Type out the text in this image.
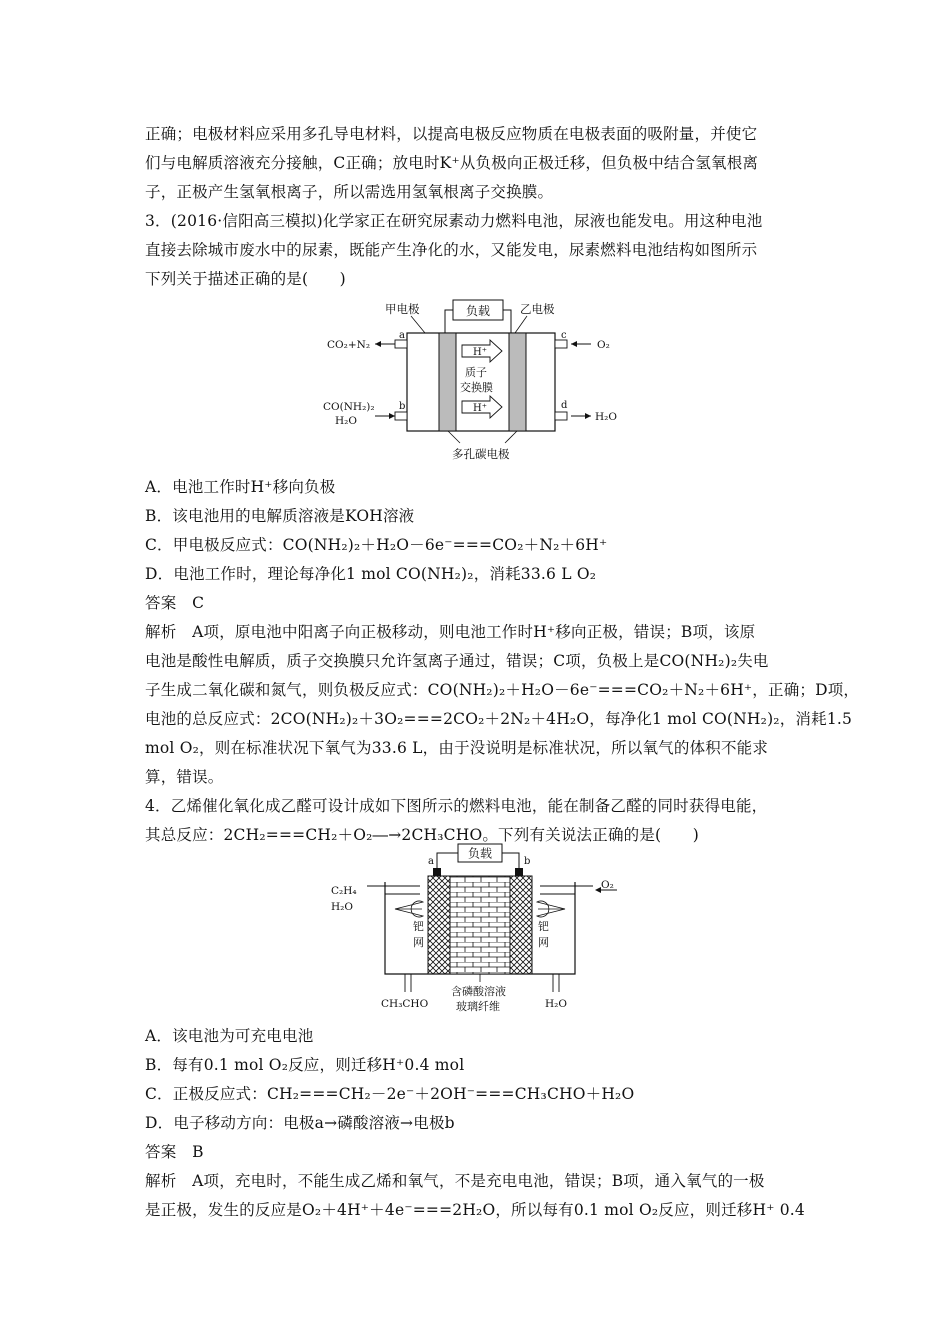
正确；电极材料应采用多孔导电材料，以提高电极反应物质在电极表面的吸附量，并使它
们与电解质溶液充分接触，C正确；放电时K⁺从负极向正极迁移，但负极中结合氢氧根离
子，正极产生氢氧根离子，所以需选用氢氧根离子交换膜。
3．(2016·信阳高三模拟)化学家正在研究尿素动力燃料电池，尿液也能发电。用这种电池
直接去除城市废水中的尿素，既能产生净化的水，又能发电，尿素燃料电池结构如图所示
下列关于描述正确的是(　　)
负载
甲电极	乙电极
H⁺
质子
交换膜
H⁺
a
CO₂+N₂
b
CO(NH₂)₂
H₂O
c
O₂
d
H₂O
多孔碳电极
A．电池工作时H⁺移向负极
B．该电池用的电解质溶液是KOH溶液
C．甲电极反应式：CO(NH₂)₂＋H₂O－6e⁻===CO₂＋N₂＋6H⁺
D．电池工作时，理论每净化1 mol CO(NH₂)₂，消耗33.6 L O₂
答案　C
解析　A项，原电池中阳离子向正极移动，则电池工作时H⁺移向正极，错误；B项，该原
电池是酸性电解质，质子交换膜只允许氢离子通过，错误；C项，负极上是CO(NH₂)₂失电
子生成二氧化碳和氮气，则负极反应式：CO(NH₂)₂＋H₂O－6e⁻===CO₂＋N₂＋6H⁺，正确；D项，
电池的总反应式：2CO(NH₂)₂＋3O₂===2CO₂＋2N₂＋4H₂O，每净化1 mol CO(NH₂)₂，消耗1.5
mol O₂，则在标准状况下氧气为33.6 L，由于没说明是标准状况，所以氧气的体积不能求
算，错误。
4．乙烯催化氧化成乙醛可设计成如下图所示的燃料电池，能在制备乙醛的同时获得电能，
其总反应：2CH₂===CH₂＋O₂―→2CH₃CHO。下列有关说法正确的是(　　)
负载
a	b
C₂H₄
H₂O
钯
网
O₂
钯
网
CH₃CHO	H₂O
含磷酸溶液
玻璃纤维
A．该电池为可充电电池
B．每有0.1 mol O₂反应，则迁移H⁺0.4 mol
C．正极反应式：CH₂===CH₂－2e⁻＋2OH⁻===CH₃CHO＋H₂O
D．电子移动方向：电极a→磷酸溶液→电极b
答案　B
解析　A项，充电时，不能生成乙烯和氧气，不是充电电池，错误；B项，通入氧气的一极
是正极，发生的反应是O₂＋4H⁺＋4e⁻===2H₂O，所以每有0.1 mol O₂反应，则迁移H⁺ 0.4
